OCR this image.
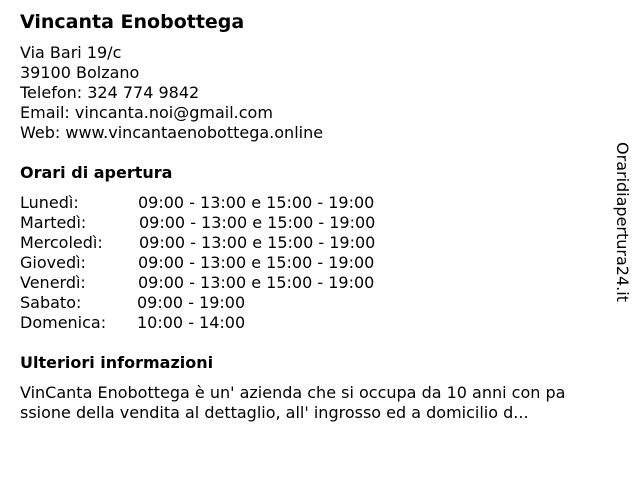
Vincanta Enobottega
Via Bari 19/c
39100 Bolzano
Telefon: 324 774 9842
Email: vincanta.noi@gmail.com
Web: www.vincantaenobottega.online
Orari di apertura
Lunedì:	09:00 - 13:00 e 15:00 - 19:00
Martedì:	09:00 - 13:00 e 15:00 - 19:00
Mercoledì: 09:00 - 13:00 e 15:00 - 19:00
Giovedì:	09:00 - 13:00 e 15:00 - 19:00
Venerdì:	09:00 - 13:00 e 15:00 - 19:00
Sabato:	09:00 - 19:00
Domenica: 10:00 - 14:00
Ulteriori informazioni
VinCanta Enobottega è un' azienda che si occupa da 10 anni con pa
ssione della vendita al dettaglio, all' ingrosso ed a domicilio d...
Oraridiapertura24.it
